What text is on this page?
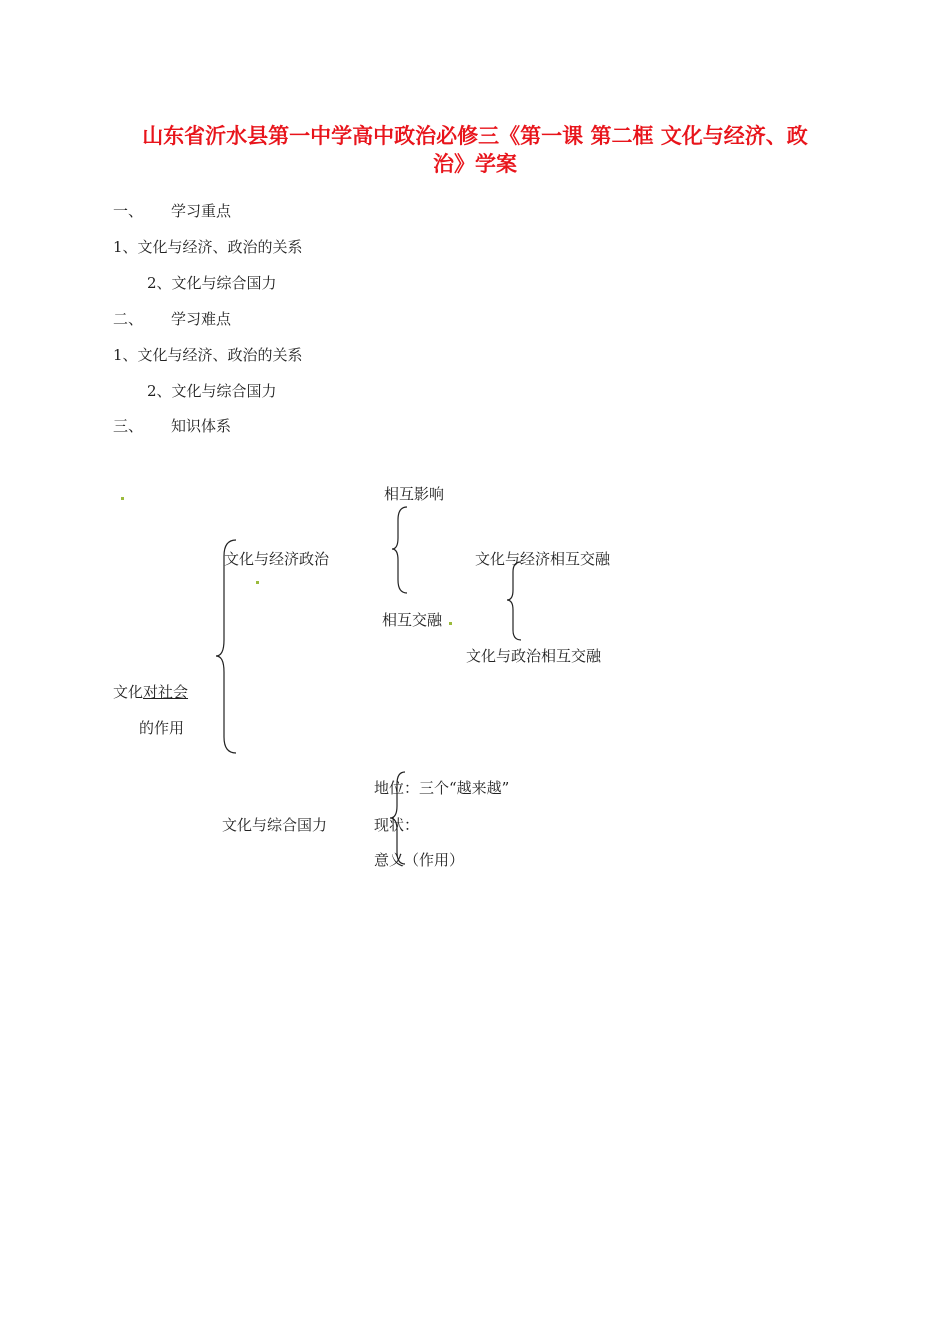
山东省沂水县第一中学高中政治必修三《第一课 第二框 文化与经济、政
治》学案
一、 学习重点
1、文化与经济、政治的关系
2、文化与综合国力
二、 学习难点
1、文化与经济、政治的关系
2、文化与综合国力
三、 知识体系
相互影响
文化与经济政治	文化与经济相互交融
相互交融
文化与政治相互交融
文化对社会
的作用
地位：三个“越来越”
文化与综合国力	现状：
意义（作用）
